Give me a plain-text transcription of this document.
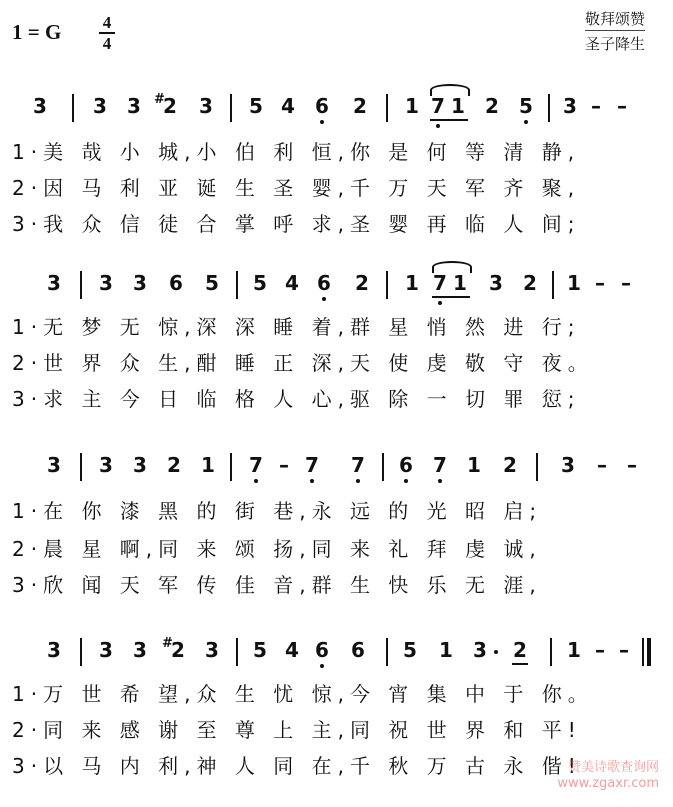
1 = G	4
4
敬拜颂赞
圣子降生
3 3 3 #
2 3 5 4 6 2 1 7 1 2 5 3 – –
1·美 哉 小 城,小 伯 利 恒,你 是 何 等 清 静,
2·因 马 利 亚 诞 生 圣 婴,千 万 天 军 齐 聚,
3·我 众 信 徒 合 掌 呼 求,圣 婴 再 临 人 间;
3 3 3 6 5 5 4 6 2 1 7 1 3 2 1 – –
1·无 梦 无 惊,深 深 睡 着,群 星 悄 然 进 行;
2·世 界 众 生,酣 睡 正 深,天 使 虔 敬 守 夜。
3·求 主 今 日 临 格 人 心,驱 除 一 切 罪 愆;
3 3 3 2 1 7 – 7 7 6 7 1 2 3 – –
1·在 你 漆 黑 的 街 巷,永 远 的 光 昭 启;
2·晨 星 啊,同 来 颂 扬,同 来 礼 拜 虔 诚,
3·欣 闻 天 军 传 佳 音,群 生 快 乐 无 涯,
3 3 3 #
2 3 5 4 6 6 5 1 3 2 1 – –
1·万 世 希 望,众 生 忧 惊,今 宵 集 中 于 你。
2·同 来 感 谢 至 尊 上 主,同 祝 世 界 和 平!
3·以 马 内 利,神 人 同 在,千 秋 万 古 永 偕!
赞美诗歌查询网
www.zgaxr.com
